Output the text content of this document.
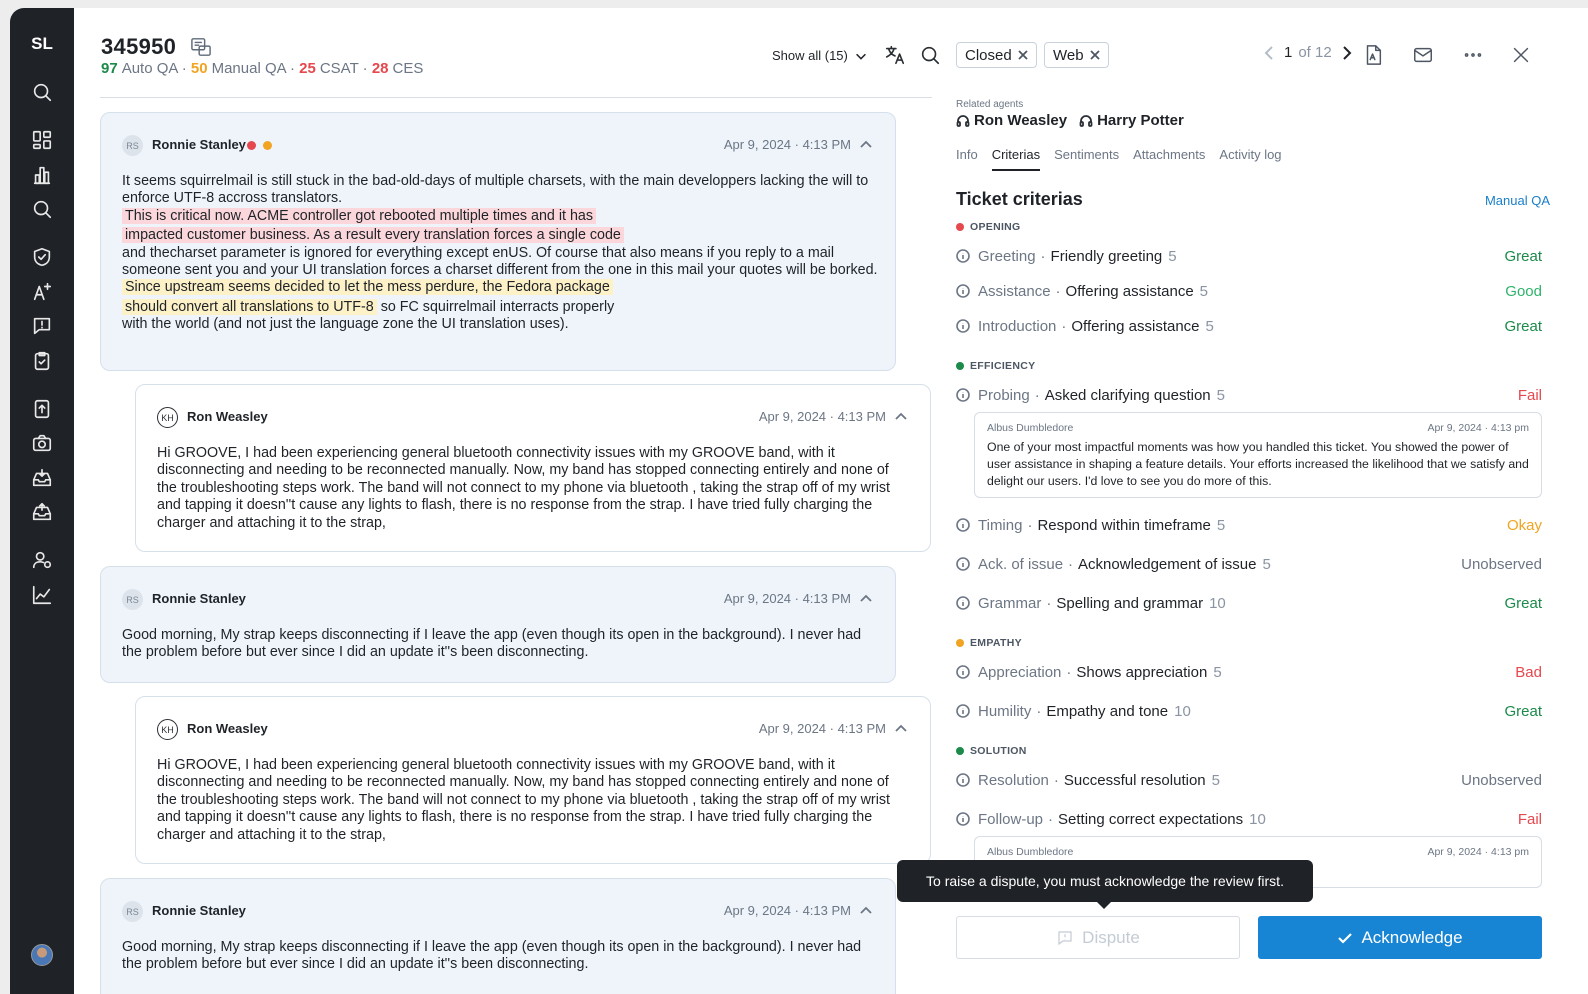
SL	345950
97 Auto QA · 50 Manual QA · 25 CSAT · 28 CES
Show all (15)
RS	Ronnie Stanley	Apr 9, 2024 · 4:13 PM
It seems squirrelmail is still stuck in the bad-old-days of multiple charsets, with the main developpers lacking the will to enforce UTF-8 accross translators.
This is critical now. ACME controller got rebooted multiple times and it has
impacted customer business. As a result every translation forces a single code
and thecharset parameter is ignored for everything except enUS. Of course that also means if you reply to a mail someone sent you and your UI translation forces a charset different from the one in this mail your quotes will be borked.
Since upstream seems decided to let the mess perdure, the Fedora package
should convert all translations to UTF-8 so FC squirrelmail interracts properly
with the world (and not just the language zone the UI translation uses).
KH	Ron Weasley	Apr 9, 2024 · 4:13 PM
Hi GROOVE, I had been experiencing general bluetooth connectivity issues with my GROOVE band, with it disconnecting and needing to be reconnected manually. Now, my band has stopped connecting entirely and none of the troubleshooting steps work. The band will not connect to my phone via bluetooth , taking the strap off of my wrist and tapping it doesn''t cause any lights to flash, there is no response from the strap. I have tried fully charging the charger and attaching it to the strap,
RS	Ronnie Stanley	Apr 9, 2024 · 4:13 PM
Good morning, My strap keeps disconnecting if I leave the app (even though its open in the background). I never had the problem before but ever since I did an update it''s been disconnecting.
KH	Ron Weasley	Apr 9, 2024 · 4:13 PM
Hi GROOVE, I had been experiencing general bluetooth connectivity issues with my GROOVE band, with it disconnecting and needing to be reconnected manually. Now, my band has stopped connecting entirely and none of the troubleshooting steps work. The band will not connect to my phone via bluetooth , taking the strap off of my wrist and tapping it doesn''t cause any lights to flash, there is no response from the strap. I have tried fully charging the charger and attaching it to the strap,
RS	Ronnie Stanley	Apr 9, 2024 · 4:13 PM
Good morning, My strap keeps disconnecting if I leave the app (even though its open in the background). I never had the problem before but ever since I did an update it''s been disconnecting.
Closed	Web	1 of 12
Related agents
Ron Weasley Harry Potter
Info Criterias Sentiments Attachments Activity log
Ticket criterias	Manual QA
OPENING
EFFICIENCY
EMPATHY
SOLUTION
Greeting · Friendly greeting 5	Great
Assistance · Offering assistance 5	Good
Introduction · Offering assistance 5	Great
Probing · Asked clarifying question 5	Fail
Timing · Respond within timeframe 5	Okay
Ack. of issue · Acknowledgement of issue 5	Unobserved
Grammar · Spelling and grammar 10	Great
Appreciation · Shows appreciation 5	Bad
Humility · Empathy and tone 10	Great
Resolution · Successful resolution 5	Unobserved
Follow-up · Setting correct expectations 10	Fail
Albus Dumbledore	Apr 9, 2024 · 4:13 pm
One of your most impactful moments was how you handled this ticket. You showed the power of user assistance in shaping a feature details. Your efforts increased the likelihood that we satisfy and delight our users. I'd love to see you do more of this.
Albus Dumbledore	Apr 9, 2024 · 4:13 pm
To raise a dispute, you must acknowledge the review first.
Dispute	Acknowledge
